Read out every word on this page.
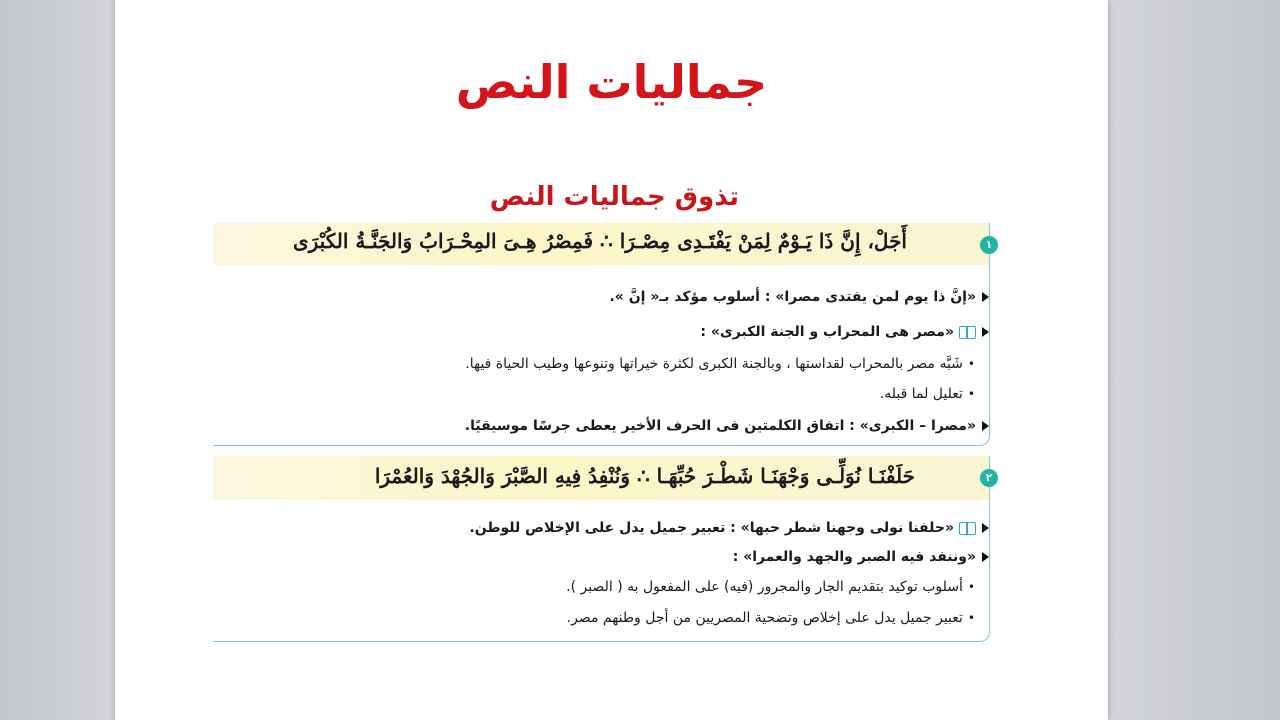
جماليات النص
تذوق جماليات النص
١
أَجَلْ، إِنَّ ذَا يَـوْمٌ لِمَنْ يَفْتَـدِى مِصْـرَا ∴ فَمِصْرُ هِـىَ المِحْـرَابُ وَالجَنَّـةُ الكُبْرَى
«إنَّ ذا يوم لمن يفتدى مصرا» : أسلوب مؤكد بـ« إنَّ ».
«مصر هى المحراب و الجنة الكبرى» :
•شَبَّه مصر بالمحراب لقداستها ، وبالجنة الكبرى لكثرة خيراتها وتنوعها وطيب الحياة فيها.
•تعليل لما قبله.
«مصرا – الكبرى» : اتفاق الكلمتين فى الحرف الأخير يعطى جرسًا موسيقيًا.
٢
حَلَفْنَـا نُوَلِّـى وَجْهَنَـا شَطْـرَ حُبِّهَـا ∴ وَنُنْفِدُ فِيهِ الصَّبْرَ وَالجُهْدَ وَالعُمْرَا
«حلفنا نولى وجهنا شطر حبها» : تعبير جميل يدل على الإخلاص للوطن.
«وننفد فيه الصبر والجهد والعمرا» :
•أسلوب توكيد بتقديم الجار والمجرور (فيه) على المفعول به ( الصبر ).
•تعبير جميل يدل على إخلاص وتضحية المصريين من أجل وطنهم مصر.
